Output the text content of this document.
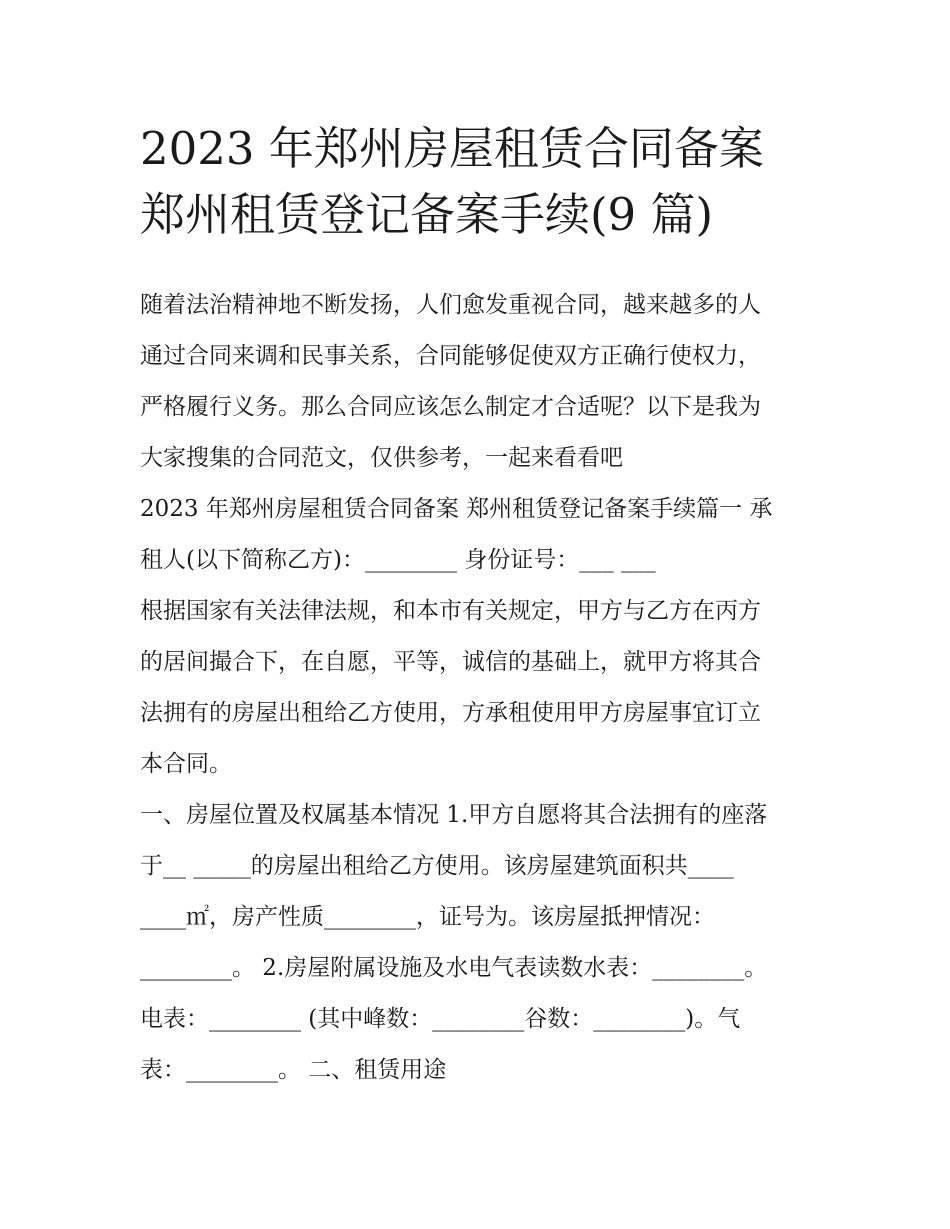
2023 年郑州房屋租赁合同备案
郑州租赁登记备案手续(9 篇)
随着法治精神地不断发扬，人们愈发重视合同，越来越多的人
通过合同来调和民事关系，合同能够促使双方正确行使权力，
严格履行义务。那么合同应该怎么制定才合适呢？以下是我为
大家搜集的合同范文，仅供参考，一起来看看吧
2023 年郑州房屋租赁合同备案 郑州租赁登记备案手续篇一 承
租人(以下简称乙方)：________ 身份证号：___ ___
根据国家有关法律法规，和本市有关规定，甲方与乙方在丙方
的居间撮合下，在自愿，平等，诚信的基础上，就甲方将其合
法拥有的房屋出租给乙方使用，方承租使用甲方房屋事宜订立
本合同。
一、房屋位置及权属基本情况 1.甲方自愿将其合法拥有的座落
于__ _____的房屋出租给乙方使用。该房屋建筑面积共____
____㎡，房产性质________，证号为。该房屋抵押情况：
________。 2.房屋附属设施及水电气表读数水表：________。
电表：________ (其中峰数：________谷数：________)。气
表：________。 二、租赁用途
